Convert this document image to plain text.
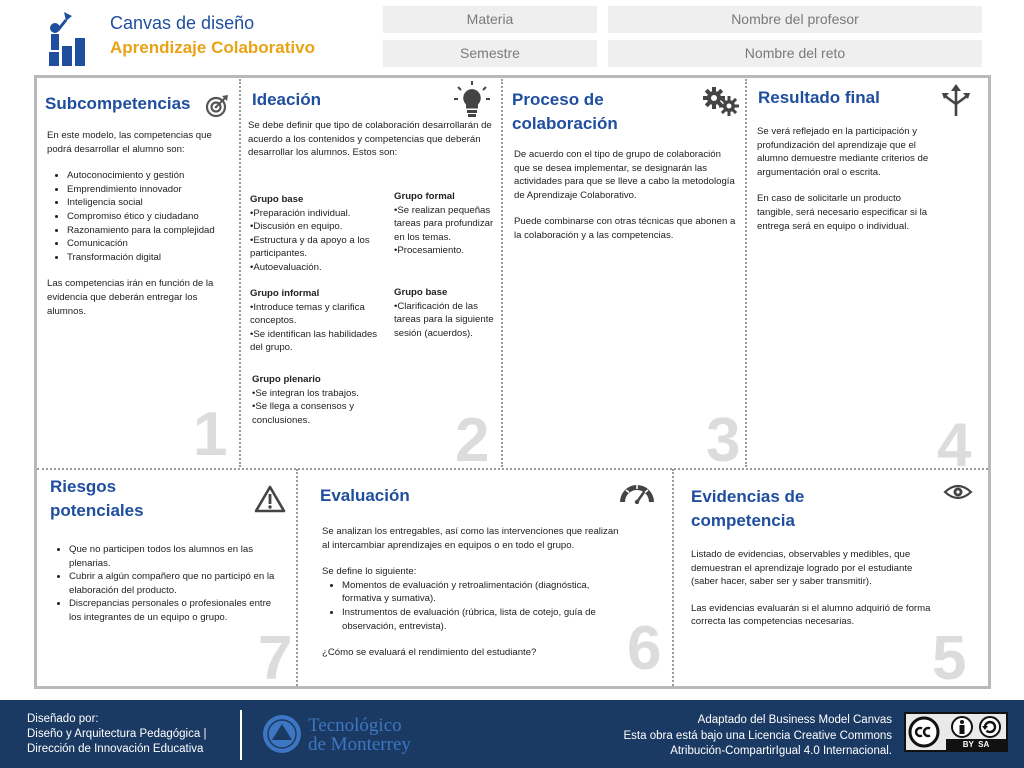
Canvas de diseño
Aprendizaje Colaborativo
Materia	Nombre del profesor
Semestre	Nombre del reto
Subcompetencias

En este modelo, las competencias que podrá desarrollar el alumno son:

• Autoconocimiento y gestión
• Emprendimiento innovador
• Inteligencia social
• Compromiso ético y ciudadano
• Razonamiento para la complejidad
• Comunicación
• Transformación digital

Las competencias irán en función de la evidencia que deberán entregar los alumnos.

1
Ideación
Se debe definir que tipo de colaboración desarrollarán de acuerdo a los contenidos y competencias que deberán desarrollar los alumnos. Estos son:

Grupo base

•Preparación individual.

•Discusión en equipo.

•Estructura y da apoyo a los participantes.

•Autoevaluación.

Grupo informal

•Introduce temas y clarifica conceptos.

•Se identifican las habilidades del grupo.

Grupo plenario

•Se integran los trabajos.

•Se llega a consensos y conclusiones.

Grupo formal

•Se realizan pequeñas tareas para profundizar en los temas.

•Procesamiento.

Grupo base

•Clarificación de las tareas para la siguiente sesión (acuerdos).

2
Proceso de colaboración

De acuerdo con el tipo de grupo de colaboración que se desea implementar, se designarán las actividades para que se lleve a cabo la metodología de Aprendizaje Colaborativo.

Puede combinarse con otras técnicas que abonen a la colaboración y a las competencias.

3
Resultado final

Se verá reflejado en la participación y profundización del aprendizaje que el alumno demuestre mediante criterios de argumentación oral o escrita.

En caso de solicitarle un producto tangible, será necesario especificar si la entrega será en equipo o individual.

4
Riesgos potenciales
• Que no participen todos los alumnos en las plenarias.
• Cubrir a algún compañero que no participó en la elaboración del producto.
• Discrepancias personales o profesionales entre los integrantes de un equipo o grupo.
7
Evaluación

Se analizan los entregables, así como las intervenciones que realizan al intercambiar aprendizajes en equipos o en todo el grupo.

Se define lo siguiente:

• Momentos de evaluación y retroalimentación (diagnóstica, formativa y sumativa).
• Instrumentos de evaluación (rúbrica, lista de cotejo, guía de observación, entrevista).

¿Cómo se evaluará el rendimiento del estudiante?	6
Evidencias de competencia

Listado de evidencias, observables y medibles, que demuestran el aprendizaje logrado por el estudiante (saber hacer, saber ser y saber transmitir).

Las evidencias evaluarán si el alumno adquirió de forma correcta las competencias necesarias.

5
Diseñado por:
Diseño y Arquitectura Pedagógica |
Dirección de Innovación Educativa
Tecnológico
de Monterrey
Adaptado del Business Model Canvas
Esta obra está bajo una Licencia Creative Commons
Atribución-CompartirIgual 4.0 Internacional.
BY  SA
